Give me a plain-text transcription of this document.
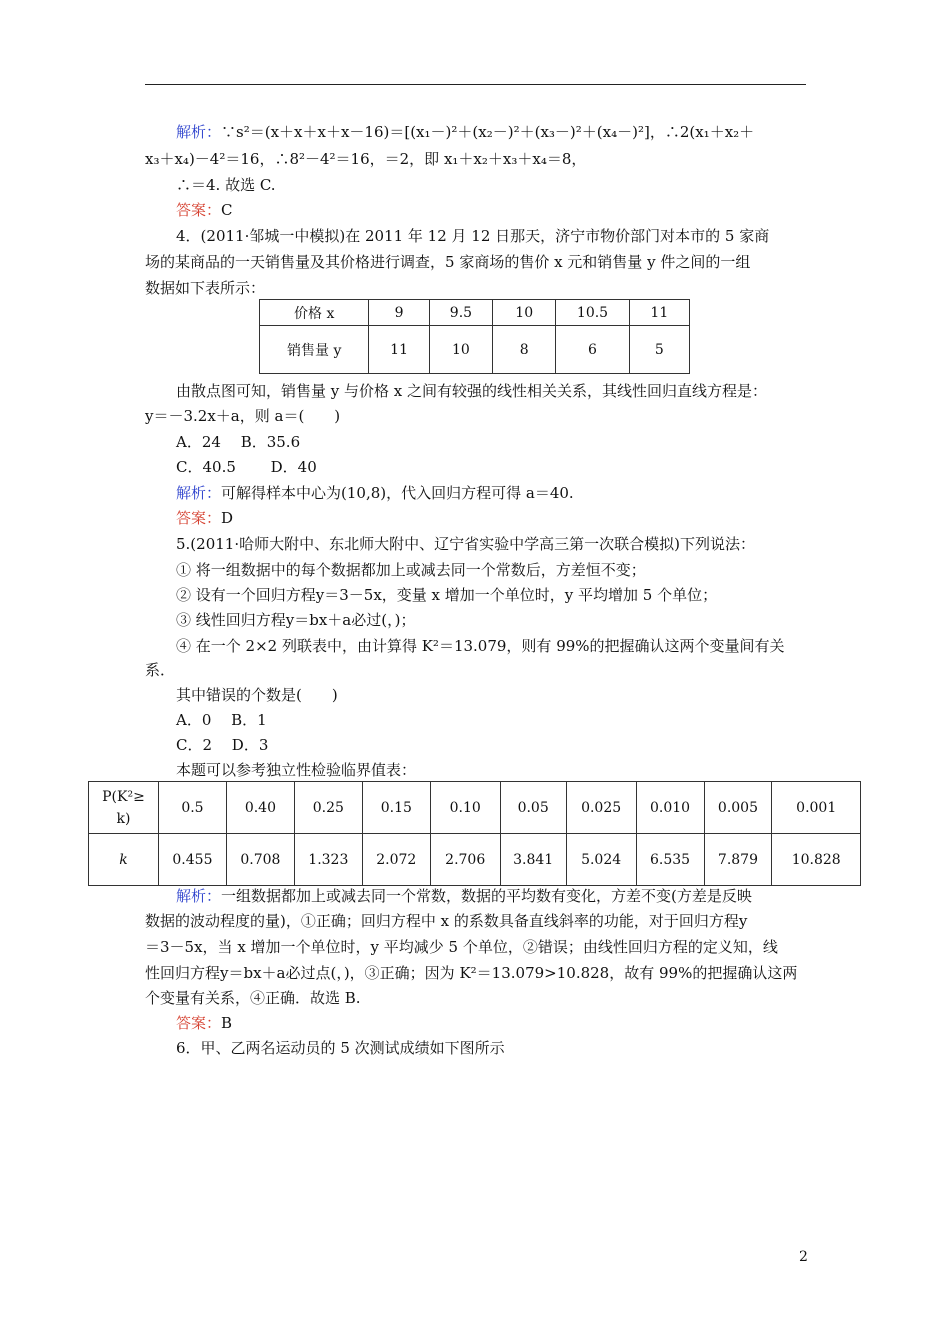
解析：∵s²＝(x＋x＋x＋x－16)＝[(x₁－)²＋(x₂－)²＋(x₃－)²＋(x₄－)²]，∴2(x₁＋x₂＋
x₃＋x₄)－4²＝16，∴8²－4²＝16，＝2，即 x₁＋x₂＋x₃＋x₄＝8，
∴＝4. 故选 C.
答案：C
4．(2011·邹城一中模拟)在 2011 年 12 月 12 日那天，济宁市物价部门对本市的 5 家商
场的某商品的一天销售量及其价格进行调查，5 家商场的售价 x 元和销售量 y 件之间的一组
数据如下表所示：
价格 x	9	9.5	10	10.5	11
销售量 y	11	10	8	6	5
由散点图可知，销售量 y 与价格 x 之间有较强的线性相关关系，其线性回归直线方程是：
y＝－3.2x＋a，则 a＝(　　)
A．24　 B．35.6
C．40.5　　 D．40
解析：可解得样本中心为(10,8)，代入回归方程可得 a＝40.
答案：D
5.(2011·哈师大附中、东北师大附中、辽宁省实验中学高三第一次联合模拟)下列说法：
① 将一组数据中的每个数据都加上或减去同一个常数后，方差恒不变；
② 设有一个回归方程y＝3－5x，变量 x 增加一个单位时，y 平均增加 5 个单位；
③ 线性回归方程y＝bx＋a必过(，)；
④ 在一个 2×2 列联表中，由计算得 K²＝13.079，则有 99%的把握确认这两个变量间有关
系．
其中错误的个数是(　　)
A．0　 B．1
C．2　 D．3
本题可以参考独立性检验临界值表：
P(K²≥
k)	0.5	0.40	0.25	0.15	0.10	0.05	0.025	0.010	0.005	0.001
k	0.455	0.708	1.323	2.072	2.706	3.841	5.024	6.535	7.879	10.828
解析：一组数据都加上或减去同一个常数，数据的平均数有变化，方差不变(方差是反映
数据的波动程度的量)，①正确；回归方程中 x 的系数具备直线斜率的功能，对于回归方程y
＝3－5x，当 x 增加一个单位时，y 平均减少 5 个单位，②错误；由线性回归方程的定义知，线
性回归方程y＝bx＋a必过点(，)，③正确；因为 K²＝13.079>10.828，故有 99%的把握确认这两
个变量有关系，④正确．故选 B.
答案：B
6．甲、乙两名运动员的 5 次测试成绩如下图所示
2
